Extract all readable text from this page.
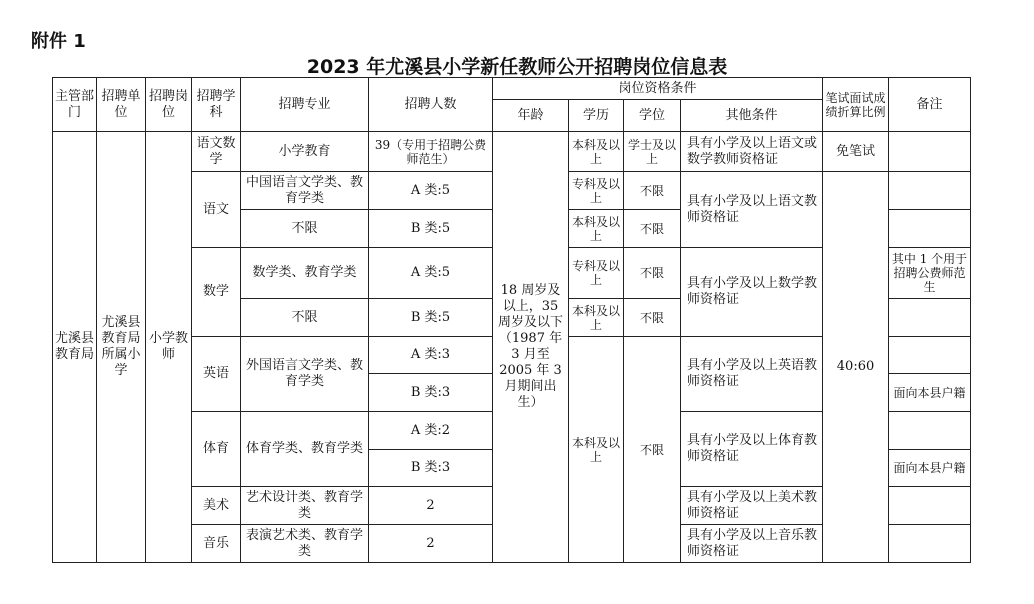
附件 1
2023 年尤溪县小学新任教师公开招聘岗位信息表
主管部门	招聘单位	招聘岗位	招聘学科	招聘专业	招聘人数	岗位资格条件				笔试面试成绩折算比例	备注
						年龄	学历	学位	其他条件		
尤溪县教育局	尤溪县教育局所属小学	小学教师	语文数学	小学教育	39（专用于招聘公费师范生）	18 周岁及以上，35 周岁及以下（1987 年 3 月至 2005 年 3 月期间出生）	本科及以上	学士及以上	具有小学及以上语文或数学教师资格证	免笔试	
			语文	中国语言文学类、教育学类	A 类:5		专科及以上	不限	具有小学及以上语文教师资格证	40:60	
				不限	B 类:5		本科及以上	不限			
			数学	数学类、教育学类	A 类:5		专科及以上	不限	具有小学及以上数学教师资格证		其中 1 个用于招聘公费师范生
				不限	B 类:5		本科及以上	不限			
			英语	外国语言文学类、教育学类	A 类:3		本科及以上	不限	具有小学及以上英语教师资格证		
					B 类:3						面向本县户籍
			体育	体育学类、教育学类	A 类:2				具有小学及以上体育教师资格证		
					B 类:3						面向本县户籍
			美术	艺术设计类、教育学类	2				具有小学及以上美术教师资格证		
			音乐	表演艺术类、教育学类	2				具有小学及以上音乐教师资格证		
